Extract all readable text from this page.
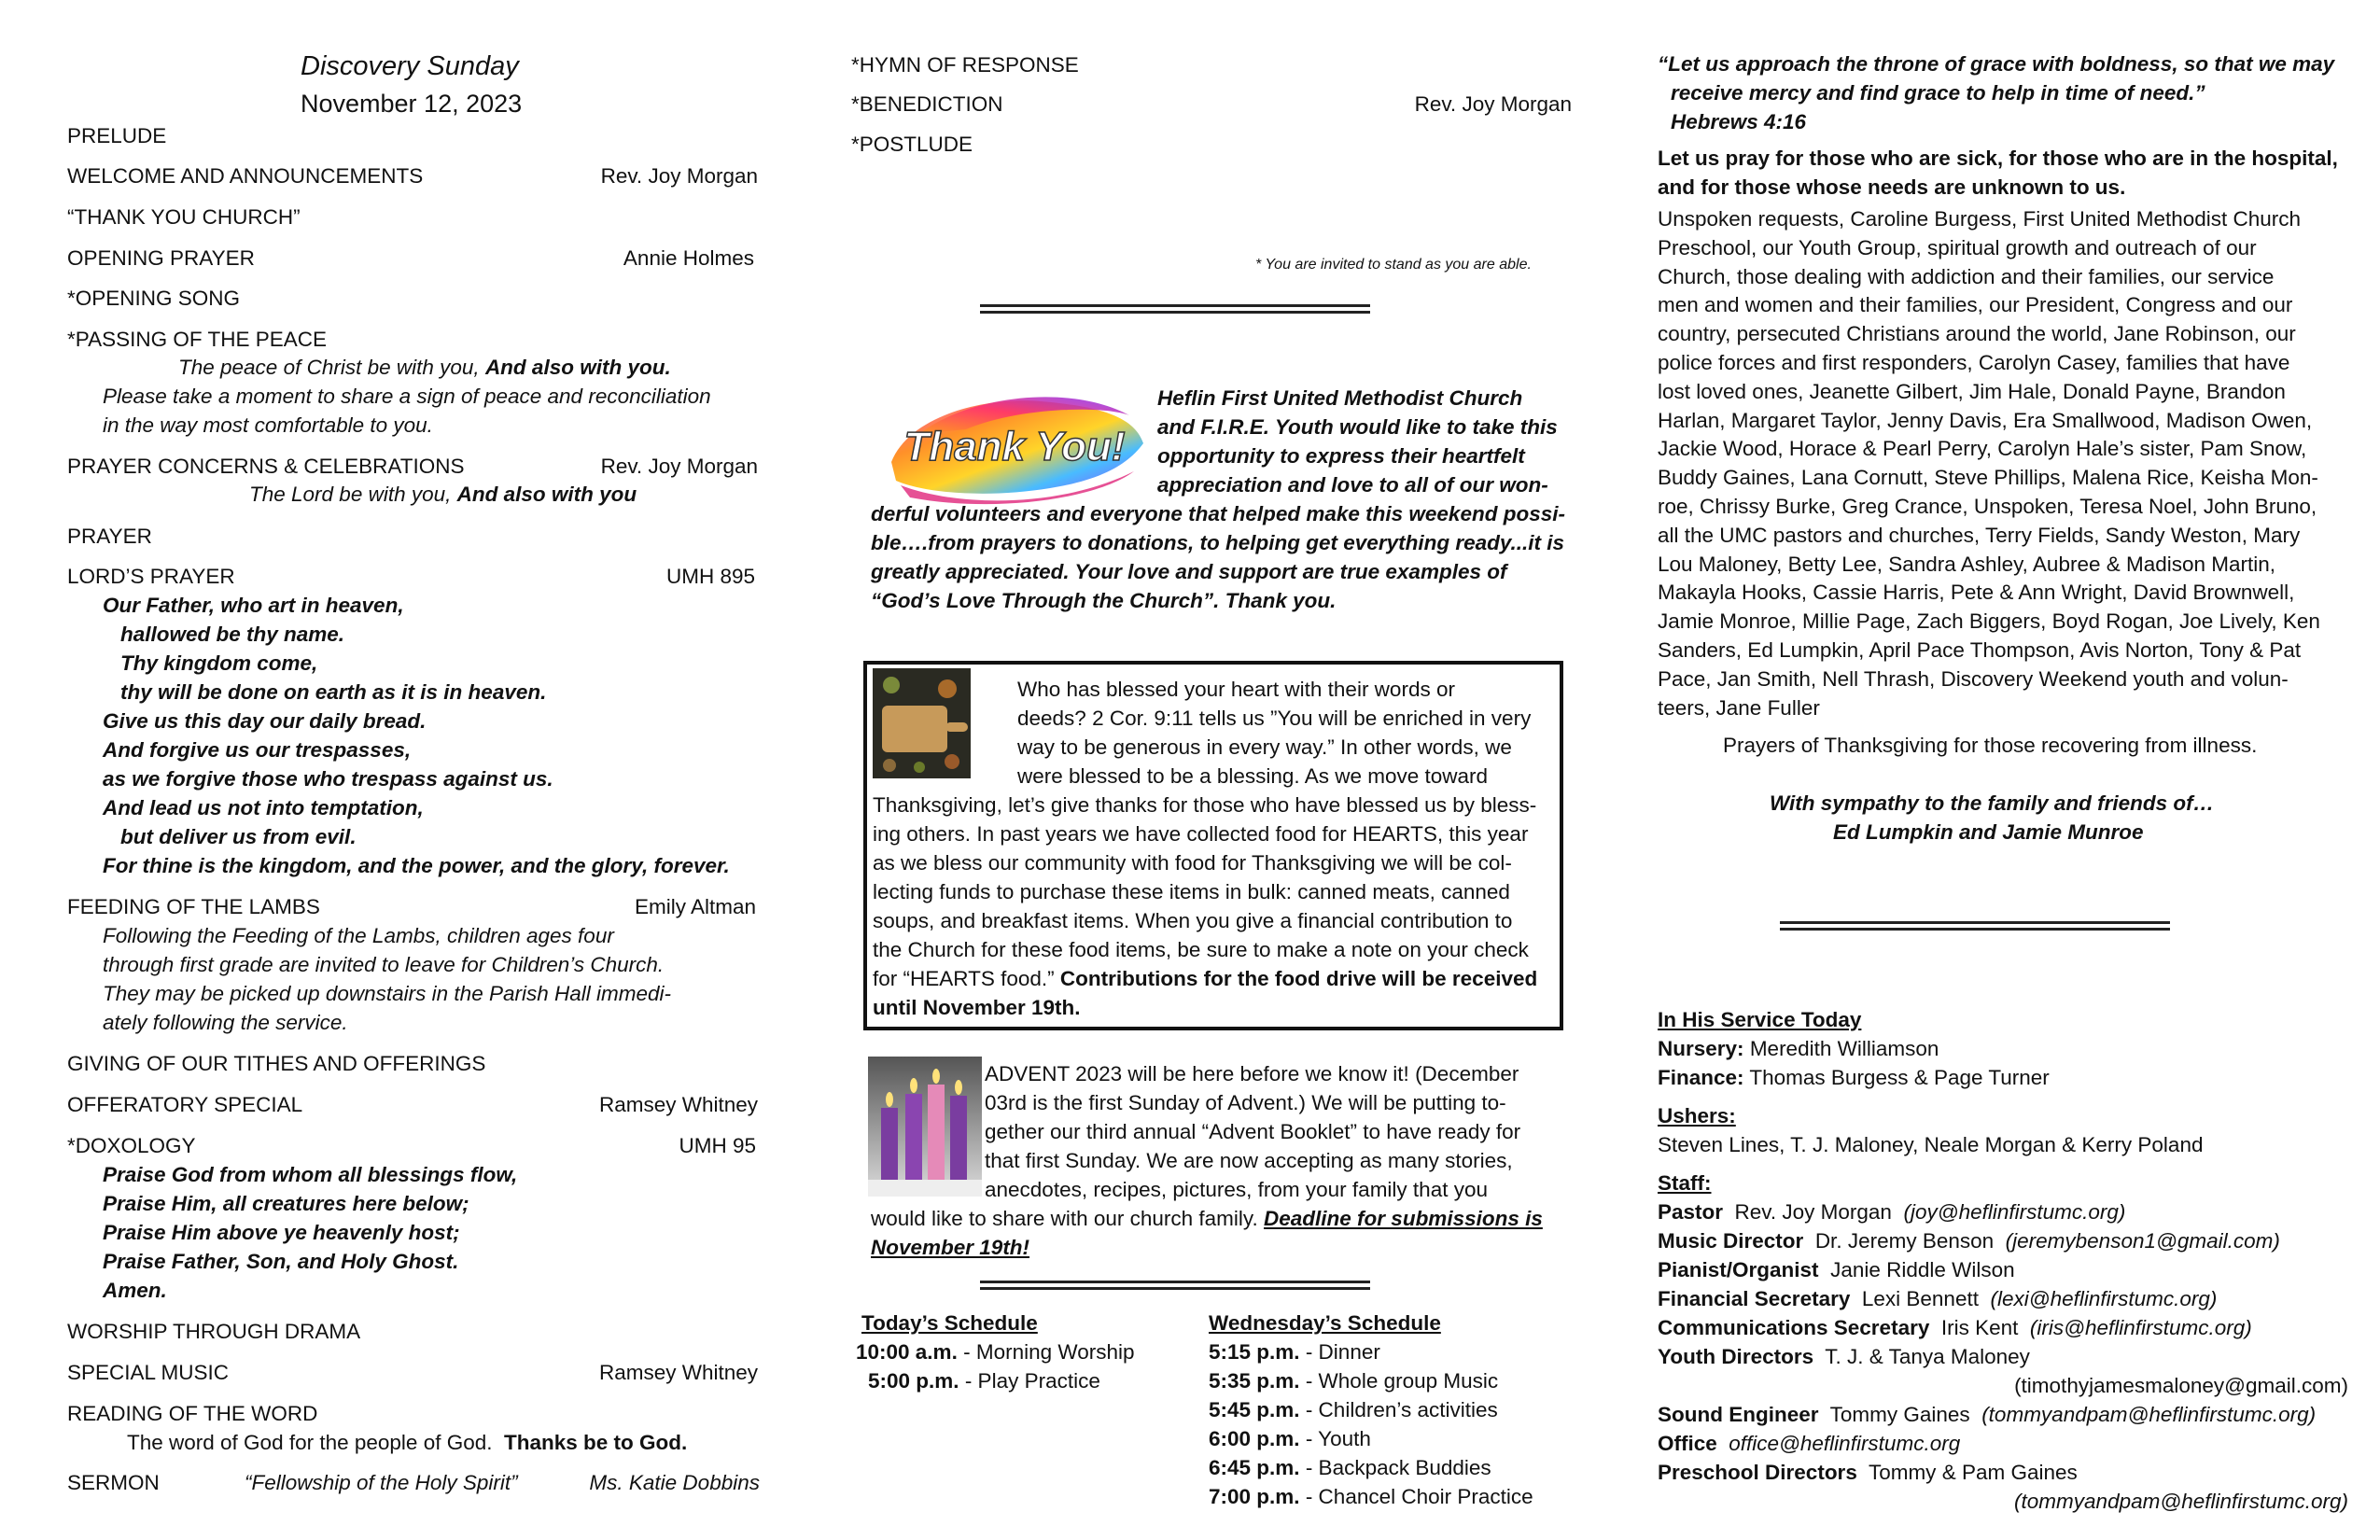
Discovery Sunday
November 12, 2023
PRELUDE
WELCOME AND ANNOUNCEMENTS	Rev. Joy Morgan
“THANK YOU CHURCH”
OPENING PRAYER	Annie Holmes
*OPENING SONG
*PASSING OF THE PEACE
The peace of Christ be with you, And also with you.
Please take a moment to share a sign of peace and reconciliation
in the way most comfortable to you.
PRAYER CONCERNS & CELEBRATIONS	Rev. Joy Morgan
The Lord be with you, And also with you
PRAYER
LORD’S PRAYER	UMH 895
Our Father, who art in heaven,
hallowed be thy name.
Thy kingdom come,
thy will be done on earth as it is in heaven.
Give us this day our daily bread.
And forgive us our trespasses,
as we forgive those who trespass against us.
And lead us not into temptation,
but deliver us from evil.
For thine is the kingdom, and the power, and the glory, forever.
FEEDING OF THE LAMBS	Emily Altman
Following the Feeding of the Lambs, children ages four
through first grade are invited to leave for Children’s Church.
They may be picked up downstairs in the Parish Hall immedi-
ately following the service.
GIVING OF OUR TITHES AND OFFERINGS
OFFERATORY SPECIAL	Ramsey Whitney
*DOXOLOGY	UMH 95
Praise God from whom all blessings flow,
Praise Him, all creatures here below;
Praise Him above ye heavenly host;
Praise Father, Son, and Holy Ghost.
Amen.
WORSHIP THROUGH DRAMA
SPECIAL MUSIC	Ramsey Whitney
READING OF THE WORD
The word of God for the people of God. Thanks be to God.
SERMON	“Fellowship of the Holy Spirit”	Ms. Katie Dobbins
*HYMN OF RESPONSE
*BENEDICTION	Rev. Joy Morgan
*POSTLUDE
* You are invited to stand as you are able.
Thank You!
Heflin First United Methodist Church
and F.I.R.E. Youth would like to take this
opportunity to express their heartfelt
appreciation and love to all of our won-
derful volunteers and everyone that helped make this weekend possi-
ble….from prayers to donations, to helping get everything ready...it is
greatly appreciated. Your love and support are true examples of
“God’s Love Through the Church”. Thank you.
Who has blessed your heart with their words or
deeds? 2 Cor. 9:11 tells us ”You will be enriched in very
way to be generous in every way.” In other words, we
were blessed to be a blessing. As we move toward
Thanksgiving, let’s give thanks for those who have blessed us by bless-
ing others. In past years we have collected food for HEARTS, this year
as we bless our community with food for Thanksgiving we will be col-
lecting funds to purchase these items in bulk: canned meats, canned
soups, and breakfast items. When you give a financial contribution to
the Church for these food items, be sure to make a note on your check
for “HEARTS food.” Contributions for the food drive will be received
until November 19th.
ADVENT 2023 will be here before we know it! (December
03rd is the first Sunday of Advent.) We will be putting to-
gether our third annual “Advent Booklet” to have ready for
that first Sunday. We are now accepting as many stories,
anecdotes, recipes, pictures, from your family that you
would like to share with our church family. Deadline for submissions is
November 19th!
Today’s Schedule
10:00 a.m. - Morning Worship
5:00 p.m. - Play Practice
Wednesday’s Schedule
5:15 p.m. - Dinner
5:35 p.m. - Whole group Music
5:45 p.m. - Children’s activities
6:00 p.m. - Youth
6:45 p.m. - Backpack Buddies
7:00 p.m. - Chancel Choir Practice
“Let us approach the throne of grace with boldness, so that we may
receive mercy and find grace to help in time of need.”
Hebrews 4:16
Let us pray for those who are sick, for those who are in the hospital,
and for those whose needs are unknown to us.
Unspoken requests, Caroline Burgess, First United Methodist Church
Preschool, our Youth Group, spiritual growth and outreach of our
Church, those dealing with addiction and their families, our service
men and women and their families, our President, Congress and our
country, persecuted Christians around the world, Jane Robinson, our
police forces and first responders, Carolyn Casey, families that have
lost loved ones, Jeanette Gilbert, Jim Hale, Donald Payne, Brandon
Harlan, Margaret Taylor, Jenny Davis, Era Smallwood, Madison Owen,
Jackie Wood, Horace & Pearl Perry, Carolyn Hale’s sister, Pam Snow,
Buddy Gaines, Lana Cornutt, Steve Phillips, Malena Rice, Keisha Mon-
roe, Chrissy Burke, Greg Crance, Unspoken, Teresa Noel, John Bruno,
all the UMC pastors and churches, Terry Fields, Sandy Weston, Mary
Lou Maloney, Betty Lee, Sandra Ashley, Aubree & Madison Martin,
Makayla Hooks, Cassie Harris, Pete & Ann Wright, David Brownwell,
Jamie Monroe, Millie Page, Zach Biggers, Boyd Rogan, Joe Lively, Ken
Sanders, Ed Lumpkin, April Pace Thompson, Avis Norton, Tony & Pat
Pace, Jan Smith, Nell Thrash, Discovery Weekend youth and volun-
teers, Jane Fuller
Prayers of Thanksgiving for those recovering from illness.
With sympathy to the family and friends of…
Ed Lumpkin and Jamie Munroe
In His Service Today
Nursery: Meredith Williamson
Finance: Thomas Burgess & Page Turner
Ushers:
Steven Lines, T. J. Maloney, Neale Morgan & Kerry Poland
Staff:
Pastor Rev. Joy Morgan (joy@heflinfirstumc.org)
Music Director Dr. Jeremy Benson (jeremybenson1@gmail.com)
Pianist/Organist Janie Riddle Wilson
Financial Secretary Lexi Bennett (lexi@heflinfirstumc.org)
Communications Secretary Iris Kent (iris@heflinfirstumc.org)
Youth Directors T. J. & Tanya Maloney
(timothyjamesmaloney@gmail.com)
Sound Engineer Tommy Gaines (tommyandpam@heflinfirstumc.org)
Office office@heflinfirstumc.org
Preschool Directors Tommy & Pam Gaines
(tommyandpam@heflinfirstumc.org)
